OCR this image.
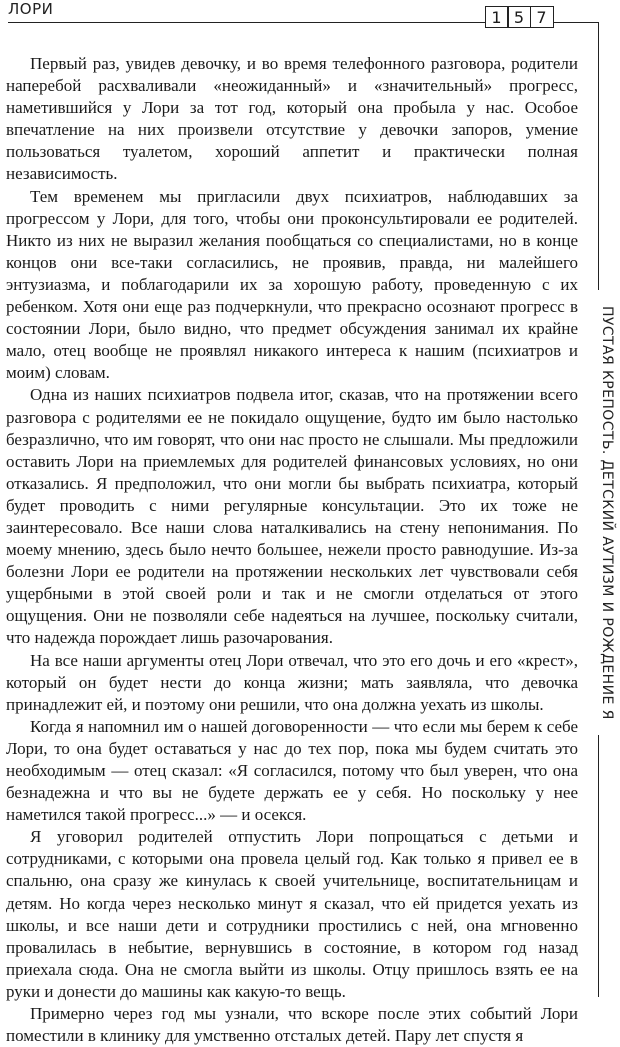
ЛОРИ	1 5 7
ПУСТАЯ КРЕПОСТЬ. ДЕТСКИЙ АУТИЗМ И РОЖДЕНИЕ Я

Первый раз, увидев девочку, и во время телефонного разговора, родители наперебой расхваливали «неожиданный» и «значительный» прогресс, наметившийся у Лори за тот год, который она пробыла у нас. Особое впечатление на них произвели отсутствие у девочки запоров, умение пользоваться туалетом, хороший аппетит и практически полная независимость.

Тем временем мы пригласили двух психиатров, наблюдавших за прогрессом у Лори, для того, чтобы они проконсультировали ее родителей. Никто из них не выразил желания пообщаться со специалистами, но в конце концов они все-таки согласились, не проявив, правда, ни малейшего энтузиазма, и поблагодарили их за хорошую работу, проведенную с их ребенком. Хотя они еще раз подчеркнули, что прекрасно осознают прогресс в состоянии Лори, было видно, что предмет обсуждения занимал их крайне мало, отец вообще не проявлял никакого интереса к нашим (психиатров и моим) словам.

Одна из наших психиатров подвела итог, сказав, что на протяжении всего разговора с родителями ее не покидало ощущение, будто им было настолько безразлично, что им говорят, что они нас просто не слышали. Мы предложили оставить Лори на приемлемых для родителей финансовых условиях, но они отказались. Я предположил, что они могли бы выбрать психиатра, который будет проводить с ними регулярные консультации. Это их тоже не заинтересовало. Все наши слова наталкивались на стену непонимания. По моему мнению, здесь было нечто большее, нежели просто равнодушие. Из-за болезни Лори ее родители на протяжении нескольких лет чувствовали себя ущербными в этой своей роли и так и не смогли отделаться от этого ощущения. Они не позволяли себе надеяться на лучшее, поскольку считали, что надежда порождает лишь разочарования.

На все наши аргументы отец Лори отвечал, что это его дочь и его «крест», который он будет нести до конца жизни; мать заявляла, что девочка принадлежит ей, и поэтому они решили, что она должна уехать из школы.

Когда я напомнил им о нашей договоренности — что если мы берем к себе Лори, то она будет оставаться у нас до тех пор, пока мы будем считать это необходимым — отец сказал: «Я согласился, потому что был уверен, что она безнадежна и что вы не будете держать ее у себя. Но поскольку у нее наметился такой прогресс...» — и осекся.

Я уговорил родителей отпустить Лори попрощаться с детьми и сотрудниками, с которыми она провела целый год. Как только я привел ее в спальню, она сразу же кинулась к своей учительнице, воспитательницам и детям. Но когда через несколько минут я сказал, что ей придется уехать из школы, и все наши дети и сотрудники простились с ней, она мгновенно провалилась в небытие, вернувшись в состояние, в котором год назад приехала сюда. Она не смогла выйти из школы. Отцу пришлось взять ее на руки и донести до машины как какую-то вещь.

Примерно через год мы узнали, что вскоре после этих событий Лори поместили в клинику для умственно отсталых детей. Пару лет спустя я
